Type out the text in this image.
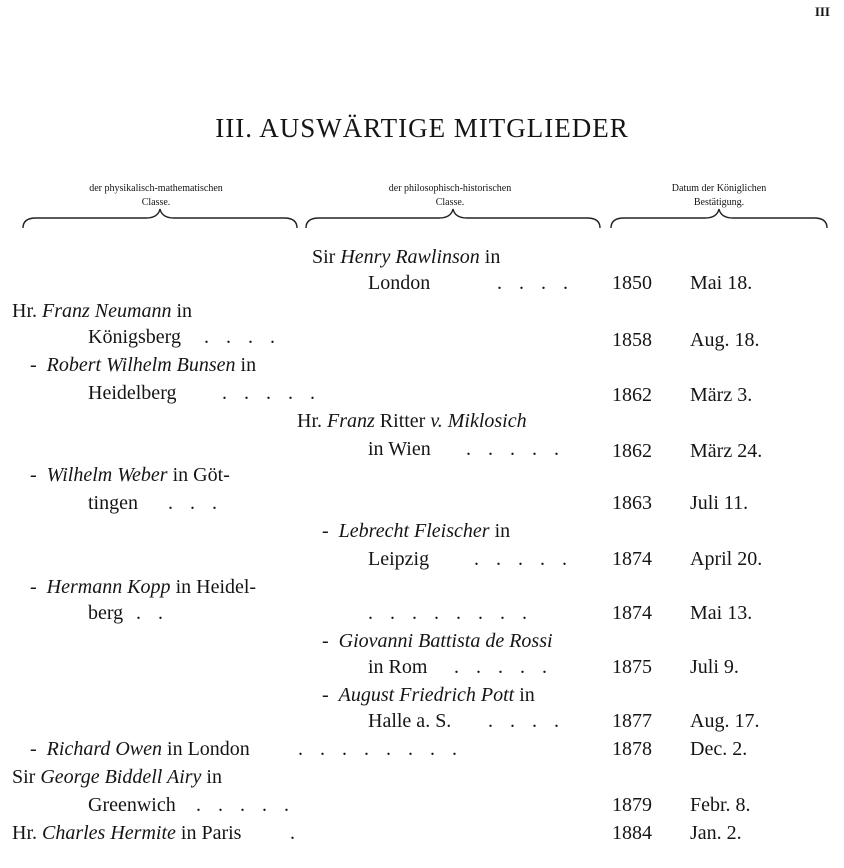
III
III. AUSWÄRTIGE MITGLIEDER
der physikalisch-mathematischen
Classe.
der philosophisch-historischen
Classe.
Datum der Königlichen
Bestätigung.
Sir Henry Rawlinson in
London	. . . . 1850 Mai 18.
Hr. Franz Neumann in
Königsberg . . . .	1858 Aug. 18.
- Robert Wilhelm Bunsen in
Heidelberg . . . . .	1862 März 3.
Hr. Franz Ritter v. Miklosich
in Wien . . . . . 1862 März 24.
- Wilhelm Weber in Göt-
tingen . . .	1863 Juli 11.
- Lebrecht Fleischer in
Leipzig . . . . . 1874 April 20.
- Hermann Kopp in Heidel-
berg . .	. . . . . . . .	1874 Mai 13.
- Giovanni Battista de Rossi
in Rom . . . . .	1875 Juli 9.
- August Friedrich Pott in
Halle a. S. . . . . 1877 Aug. 17.
- Richard Owen in London . . . . . . . .	1878 Dec. 2.
Sir George Biddell Airy in
Greenwich . . . . .	1879 Febr. 8.
Hr. Charles Hermite in Paris .	1884 Jan. 2.
